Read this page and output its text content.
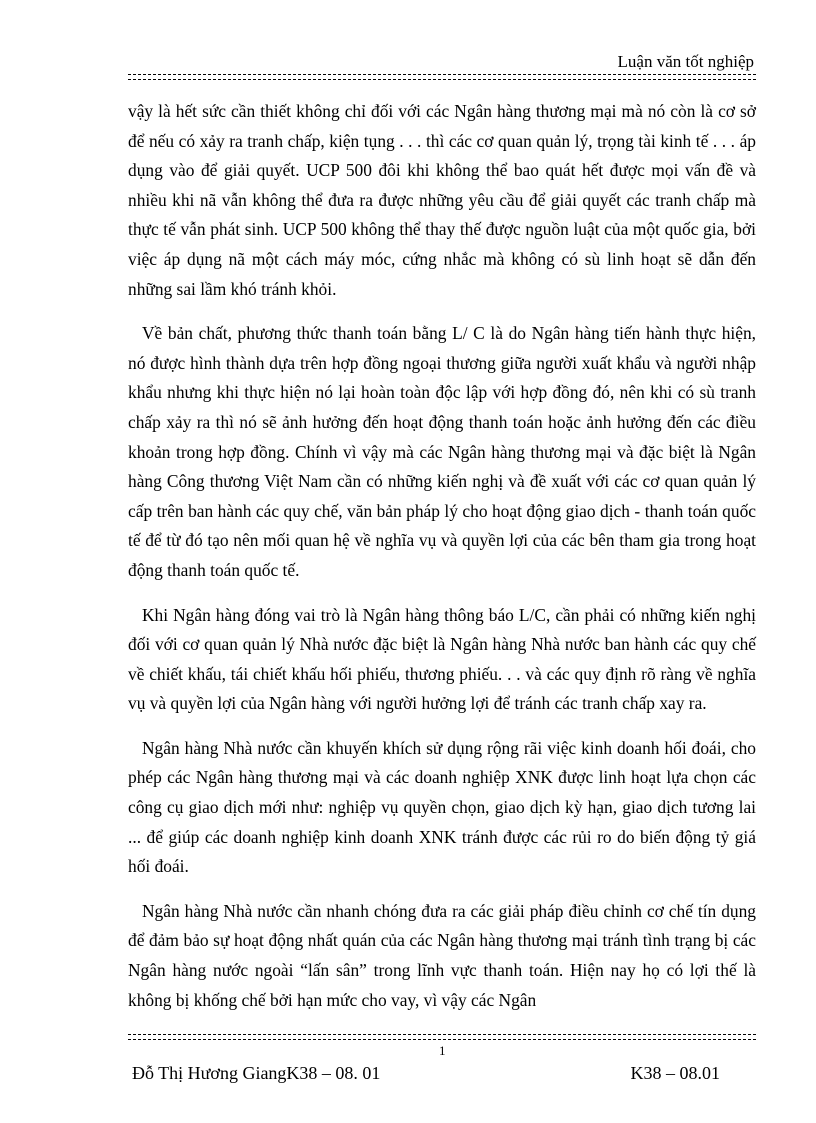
Luận văn tốt nghiệp

vậy là hết sức cần thiết không chỉ đối với các Ngân hàng thương mại mà nó còn là cơ sở để nếu có xảy ra tranh chấp, kiện tụng . . . thì các cơ quan quản lý, trọng tài kinh tế . . . áp dụng vào để giải quyết. UCP 500 đôi khi không thể bao quát hết được mọi vấn đề và nhiều khi nã vẫn không thể đưa ra được những yêu cầu để giải quyết các tranh chấp mà thực tế vẫn phát sinh. UCP 500 không thể thay thế được nguồn luật của một quốc gia, bởi việc áp dụng nã một cách máy móc, cứng nhắc mà không có sù linh hoạt sẽ dẫn đến những sai lầm khó tránh khỏi.

Về bản chất, phương thức thanh toán bằng L/ C là do Ngân hàng tiến hành thực hiện, nó được hình thành dựa trên hợp đồng ngoại thương giữa người xuất khẩu và người nhập khẩu nhưng khi thực hiện nó lại hoàn toàn độc lập với hợp đồng đó, nên khi có sù tranh chấp xảy ra thì nó sẽ ảnh hưởng đến hoạt động thanh toán hoặc ảnh hưởng đến các điều khoản trong hợp đồng. Chính vì vậy mà các Ngân hàng thương mại và đặc biệt là Ngân hàng Công thương Việt Nam cần có những kiến nghị và đề xuất với các cơ quan quản lý cấp trên ban hành các quy chế, văn bản pháp lý cho hoạt động giao dịch - thanh toán quốc tế để từ đó tạo nên mối quan hệ về nghĩa vụ và quyền lợi của các bên tham gia trong hoạt động thanh toán quốc tế.

Khi Ngân hàng đóng vai trò là Ngân hàng thông báo L/C, cần phải có những kiến nghị đối với cơ quan quản lý Nhà nước đặc biệt là Ngân hàng Nhà nước ban hành các quy chế về chiết khấu, tái chiết khấu hối phiếu, thương phiếu. . . và các quy định rõ ràng về nghĩa vụ và quyền lợi của Ngân hàng với người hưởng lợi để tránh các tranh chấp xay ra.

Ngân hàng Nhà nước cần khuyến khích sử dụng rộng rãi việc kinh doanh hối đoái, cho phép các Ngân hàng thương mại và các doanh nghiệp XNK được linh hoạt lựa chọn các công cụ giao dịch mới như: nghiệp vụ quyền chọn, giao dịch kỳ hạn, giao dịch tương lai ... để giúp các doanh nghiệp kinh doanh XNK tránh được các rủi ro do biến động tỷ giá hối đoái.

Ngân hàng Nhà nước cần nhanh chóng đưa ra các giải pháp điều chỉnh cơ chế tín dụng để đảm bảo sự hoạt động nhất quán của các Ngân hàng thương mại tránh tình trạng bị các Ngân hàng nước ngoài “lấn sân” trong lĩnh vực thanh toán. Hiện nay họ có lợi thế là không bị khống chế bởi hạn mức cho vay, vì vậy các Ngân

1
Đỗ Thị Hương GiangK38 – 08. 01	K38 – 08.01
